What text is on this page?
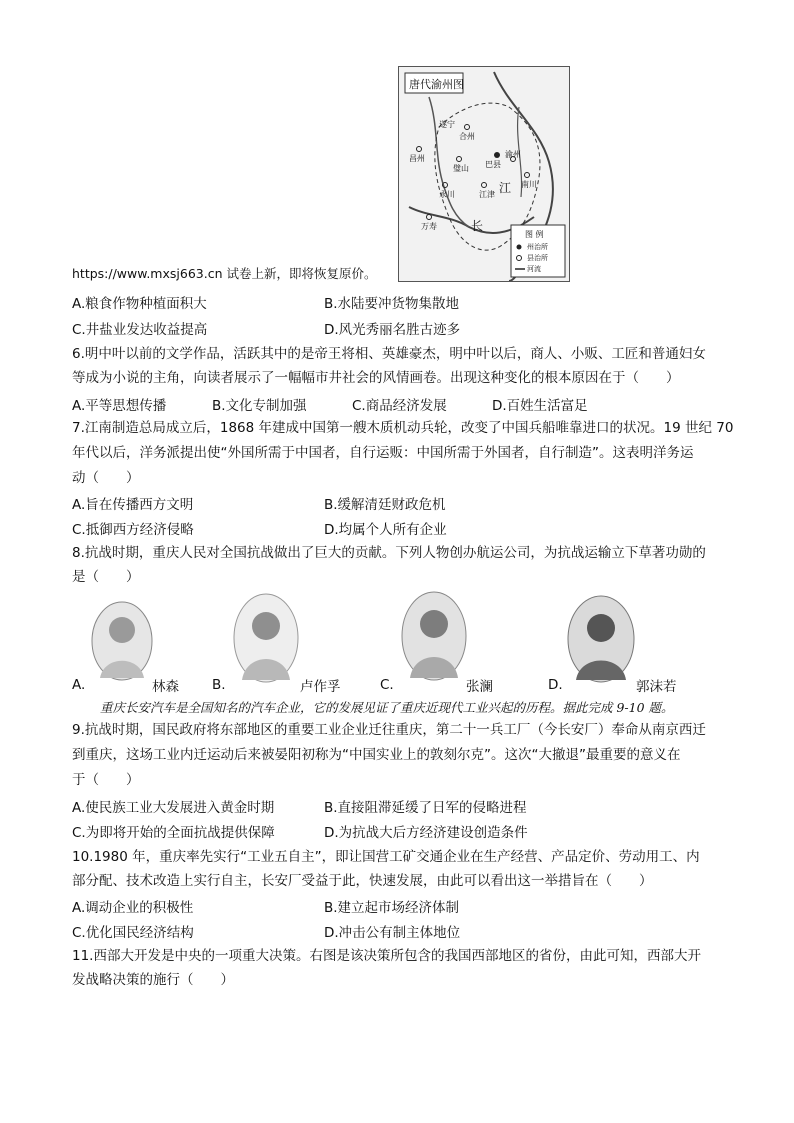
唐代渝州图
合州
巴县
渝州
遂宁
昌州
璧山
江津
永川
万寿
南川
江
长
图 例
州治所
县治所
河流
https://www.mxsj663.cn 试卷上新，即将恢复原价。
A.粮食作物种植面积大	B.水陆要冲货物集散地
C.井盐业发达收益提高	D.风光秀丽名胜古迹多
6.明中叶以前的文学作品，活跃其中的是帝王将相、英雄豪杰，明中叶以后，商人、小贩、工匠和普通妇女
等成为小说的主角，向读者展示了一幅幅市井社会的风情画卷。出现这种变化的根本原因在于（　　）
A.平等思想传播	B.文化专制加强	C.商品经济发展	D.百姓生活富足
7.江南制造总局成立后，1868 年建成中国第一艘木质机动兵轮，改变了中国兵船唯靠进口的状况。19 世纪 70
年代以后，洋务派提出使“外国所需于中国者，自行运贩：中国所需于外国者，自行制造”。这表明洋务运
动（　　）
A.旨在传播西方文明	B.缓解清廷财政危机
C.抵御西方经济侵略	D.均属个人所有企业
8.抗战时期，重庆人民对全国抗战做出了巨大的贡献。下列人物创办航运公司，为抗战运输立下草著功勋的
是（　　）
A.	林森 B.	卢作孚	C.	张澜	D.	郭沫若
重庆长安汽车是全国知名的汽车企业，它的发展见证了重庆近现代工业兴起的历程。据此完成 9-10 题。
9.抗战时期，国民政府将东部地区的重要工业企业迁往重庆，第二十一兵工厂（今长安厂）奉命从南京西迁
到重庆，这场工业内迁运动后来被晏阳初称为“中国实业上的敦刻尔克”。这次“大撤退”最重要的意义在
于（　　）
A.使民族工业大发展进入黄金时期	B.直接阻滞延缓了日军的侵略进程
C.为即将开始的全面抗战提供保障	D.为抗战大后方经济建设创造条件
10.1980 年，重庆率先实行“工业五自主”，即让国营工矿交通企业在生产经营、产品定价、劳动用工、内
部分配、技术改造上实行自主，长安厂受益于此，快速发展，由此可以看出这一举措旨在（　　）
A.调动企业的积极性	B.建立起市场经济体制
C.优化国民经济结构	D.冲击公有制主体地位
11.西部大开发是中央的一项重大决策。右图是该决策所包含的我国西部地区的省份，由此可知，西部大开
发战略决策的施行（　　）
